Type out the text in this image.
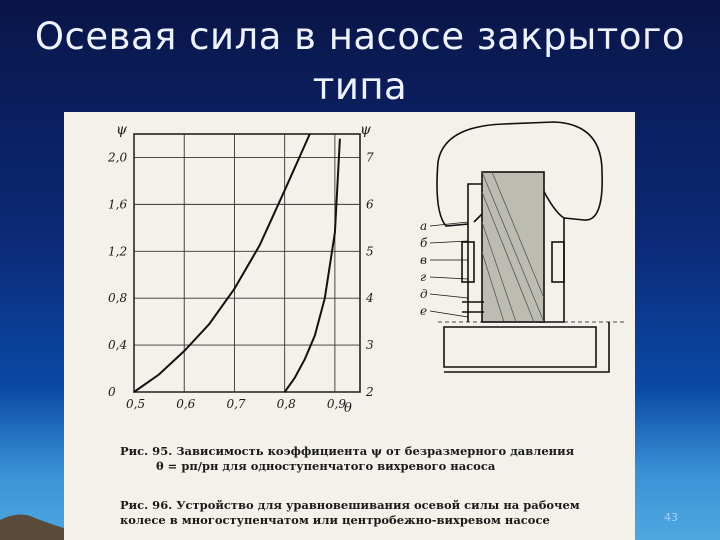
Осевая сила в насосе закрытого
типа
0,5	0,6	0,7	0,8	0,9
0
0,4
0,8
1,2
1,6
2,0
2
3
4
5
6
7
ψ	ψ
θ
а
б
в
г
д
е
Рис. 95. Зависимость коэффициента ψ от безразмерного давления
θ = pп/pн для одноступенчатого вихревого насоса
Рис. 96. Устройство для уравновешивания осевой силы на рабочем
колесе в многоступенчатом или центробежно-вихревом насосе	43
